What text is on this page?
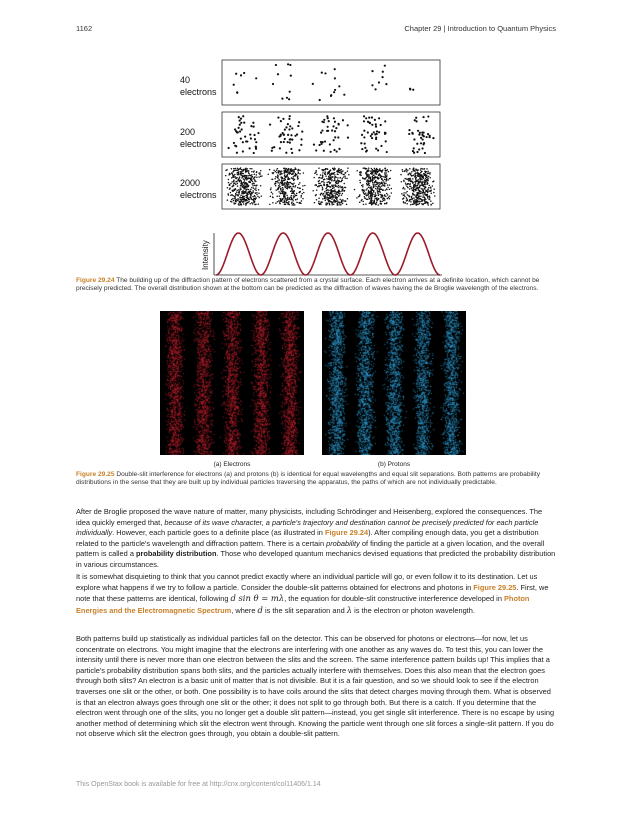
1162	Chapter 29 | Introduction to Quantum Physics
40
electrons
200
electrons
2000
electrons
Intensity
Figure 29.24 The building up of the diffraction pattern of electrons scattered from a crystal surface. Each electron arrives at a definite location, which cannot be precisely predicted. The overall distribution shown at the bottom can be predicted as the diffraction of waves having the de Broglie wavelength of the electrons.
(a) Electrons	(b) Protons
Figure 29.25 Double-slit interference for electrons (a) and protons (b) is identical for equal wavelengths and equal slit separations. Both patterns are probability distributions in the sense that they are built up by individual particles traversing the apparatus, the paths of which are not individually predictable.

After de Broglie proposed the wave nature of matter, many physicists, including Schrödinger and Heisenberg, explored the consequences. The idea quickly emerged that, because of its wave character, a particle's trajectory and destination cannot be precisely predicted for each particle individually. However, each particle goes to a definite place (as illustrated in Figure 29.24). After compiling enough data, you get a distribution related to the particle's wavelength and diffraction pattern. There is a certain probability of finding the particle at a given location, and the overall pattern is called a probability distribution. Those who developed quantum mechanics devised equations that predicted the probability distribution in various circumstances.

It is somewhat disquieting to think that you cannot predict exactly where an individual particle will go, or even follow it to its destination. Let us explore what happens if we try to follow a particle. Consider the double-slit patterns obtained for electrons and photons in Figure 29.25. First, we note that these patterns are identical, following d sin θ = mλ, the equation for double-slit constructive interference developed in Photon Energies and the Electromagnetic Spectrum, where d is the slit separation and λ is the electron or photon wavelength.

Both patterns build up statistically as individual particles fall on the detector. This can be observed for photons or electrons—for now, let us concentrate on electrons. You might imagine that the electrons are interfering with one another as any waves do. To test this, you can lower the intensity until there is never more than one electron between the slits and the screen. The same interference pattern builds up! This implies that a particle's probability distribution spans both slits, and the particles actually interfere with themselves. Does this also mean that the electron goes through both slits? An electron is a basic unit of matter that is not divisible. But it is a fair question, and so we should look to see if the electron traverses one slit or the other, or both. One possibility is to have coils around the slits that detect charges moving through them. What is observed is that an electron always goes through one slit or the other; it does not split to go through both. But there is a catch. If you determine that the electron went through one of the slits, you no longer get a double slit pattern—instead, you get single slit interference. There is no escape by using another method of determining which slit the electron went through. Knowing the particle went through one slit forces a single-slit pattern. If you do not observe which slit the electron goes through, you obtain a double-slit pattern.

This OpenStax book is available for free at http://cnx.org/content/col11406/1.14
